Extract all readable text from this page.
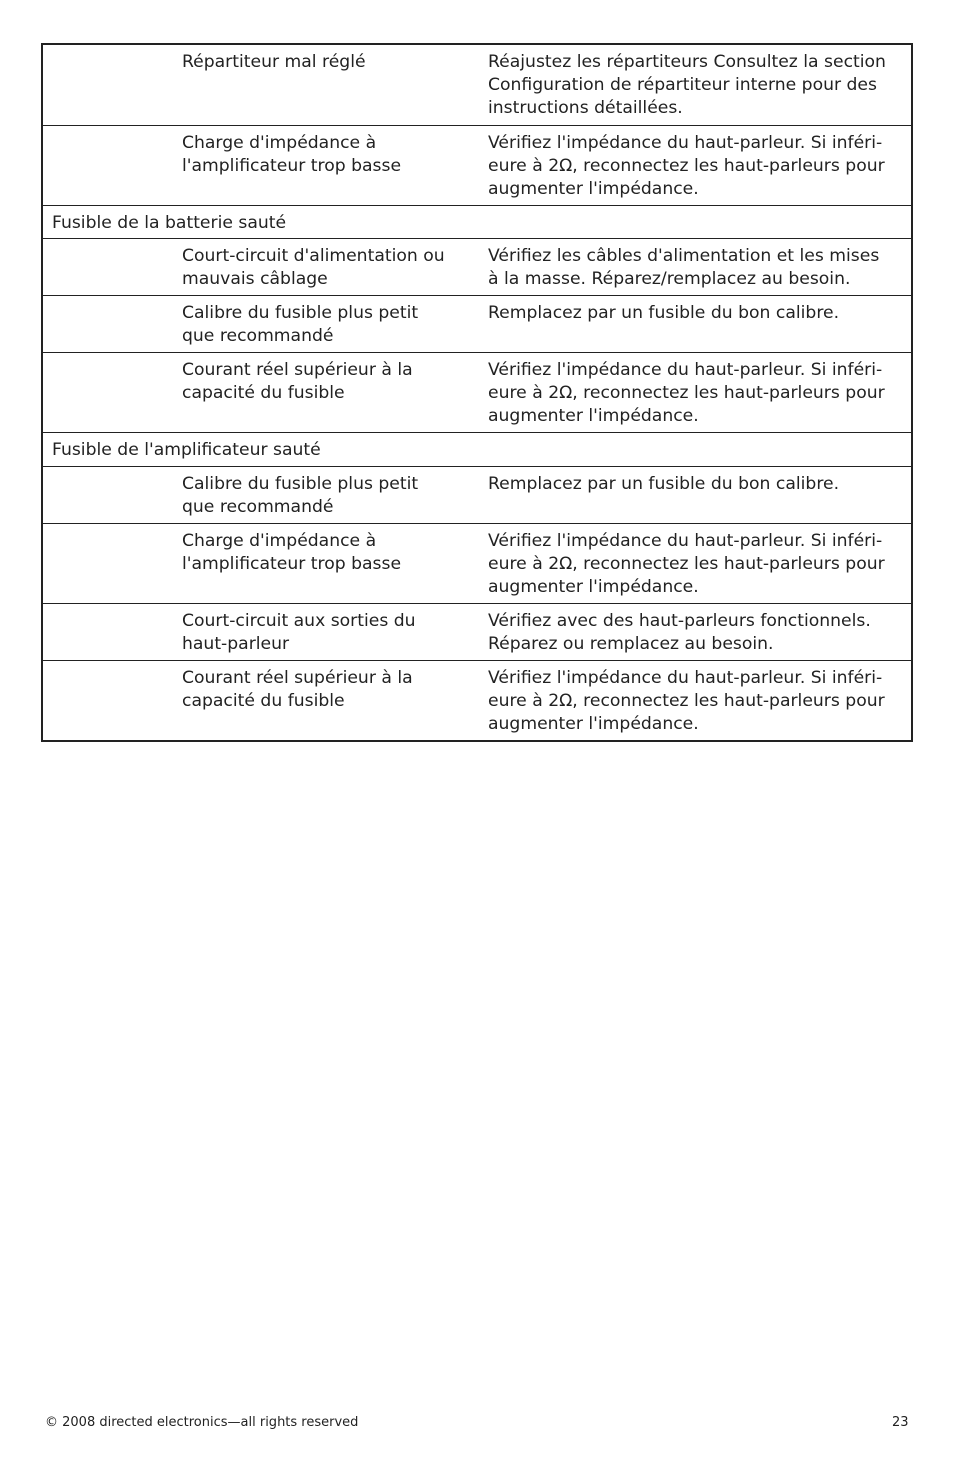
Répartiteur mal réglé	Réajustez les répartiteurs Consultez la section
Configuration de répartiteur interne pour des
instructions détaillées.
Charge d'impédance à
l'amplificateur trop basse
Vérifiez l'impédance du haut-parleur. Si inféri-
eure à 2Ω, reconnectez les haut-parleurs pour
augmenter l'impédance.
Fusible de la batterie sauté
Court-circuit d'alimentation ou
mauvais câblage
Vérifiez les câbles d'alimentation et les mises
à la masse. Réparez/remplacez au besoin.
Calibre du fusible plus petit
que recommandé
Remplacez par un fusible du bon calibre.
Courant réel supérieur à la
capacité du fusible
Vérifiez l'impédance du haut-parleur. Si inféri-
eure à 2Ω, reconnectez les haut-parleurs pour
augmenter l'impédance.
Fusible de l'amplificateur sauté
Calibre du fusible plus petit
que recommandé
Remplacez par un fusible du bon calibre.
Charge d'impédance à
l'amplificateur trop basse
Vérifiez l'impédance du haut-parleur. Si inféri-
eure à 2Ω, reconnectez les haut-parleurs pour
augmenter l'impédance.
Court-circuit aux sorties du
haut-parleur
Vérifiez avec des haut-parleurs fonctionnels.
Réparez ou remplacez au besoin.
Courant réel supérieur à la
capacité du fusible
Vérifiez l'impédance du haut-parleur. Si inféri-
eure à 2Ω, reconnectez les haut-parleurs pour
augmenter l'impédance.
© 2008 directed electronics—all rights reserved	23
